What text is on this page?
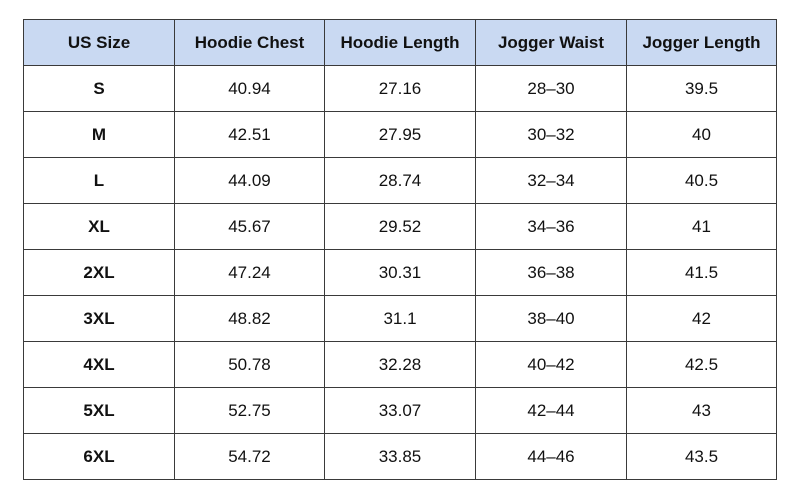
US Size	Hoodie Chest	Hoodie Length	Jogger Waist	Jogger Length
S	40.94	27.16	28–30	39.5
M	42.51	27.95	30–32	40
L	44.09	28.74	32–34	40.5
XL	45.67	29.52	34–36	41
2XL	47.24	30.31	36–38	41.5
3XL	48.82	31.1	38–40	42
4XL	50.78	32.28	40–42	42.5
5XL	52.75	33.07	42–44	43
6XL	54.72	33.85	44–46	43.5
